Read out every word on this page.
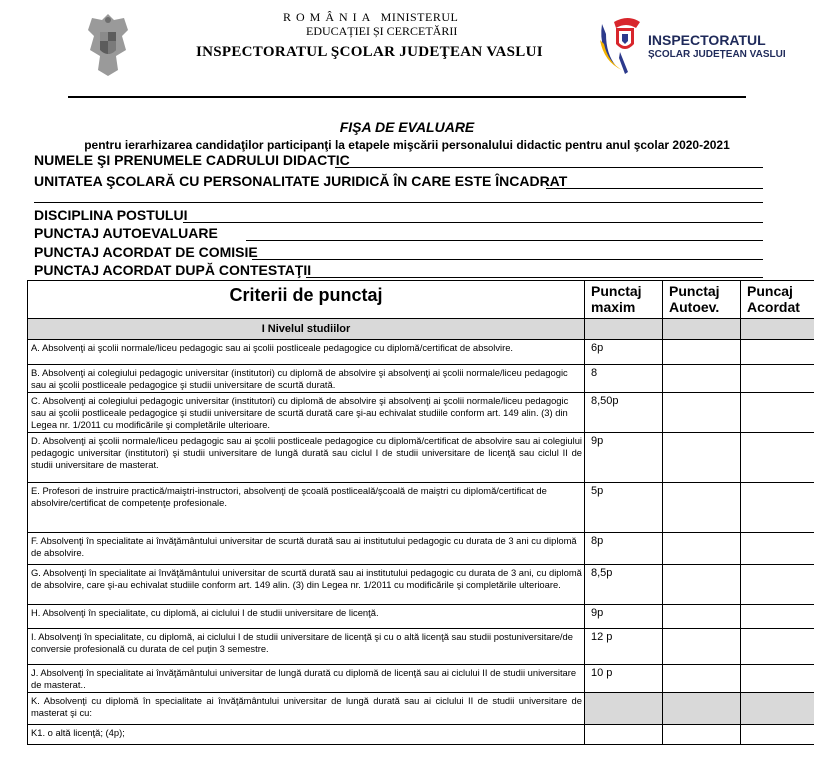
ROMÂNIA MINISTERUL
EDUCAȚIEI ȘI CERCETĂRII
INSPECTORATUL ŞCOLAR JUDEŢEAN VASLUI
INSPECTORATUL
ȘCOLAR JUDEȚEAN VASLUI
FIŞA DE EVALUARE
pentru ierarhizarea candidaţilor participanţi la etapele mişcării personalului didactic pentru anul şcolar 2020-2021
NUMELE ŞI PRENUMELE CADRULUI DIDACTIC
UNITATEA ŞCOLARĂ CU PERSONALITATE JURIDICĂ ÎN CARE ESTE ÎNCADRAT
DISCIPLINA POSTULUI
PUNCTAJ AUTOEVALUARE
PUNCTAJ ACORDAT DE COMISIE
PUNCTAJ ACORDAT DUPĂ CONTESTAŢII
Criterii de punctaj	Punctaj maxim	Punctaj Autoev.	Puncaj Acordat
I Nivelul studiilor			
A. Absolvenţi ai şcolii normale/liceu pedagogic sau ai şcolii postliceale pedagogice cu diplomă/certificat de absolvire.	6p		
B. Absolvenţi ai colegiului pedagogic universitar (institutori) cu diplomă de absolvire şi absolvenţi ai şcolii normale/liceu pedagogic sau ai şcolii postliceale pedagogice şi studii universitare de scurtă durată.	8		
C. Absolvenţi ai colegiului pedagogic universitar (institutori) cu diplomă de absolvire şi absolvenţi ai şcolii normale/liceu pedagogic sau ai şcolii postliceale pedagogice şi studii universitare de scurtă durată care şi-au echivalat studiile conform art. 149 alin. (3) din Legea nr. 1/2011 cu modificările şi completările ulterioare.	8,50p		
D. Absolvenţi ai şcolii normale/liceu pedagogic sau ai şcolii postliceale pedagogice cu diplomă/certificat de absolvire sau ai colegiului pedagogic universitar (institutori) şi studii universitare de lungă durată sau ciclul I de studii universitare de licenţă sau ciclul II de studii universitare de masterat.	9p		
E. Profesori de instruire practică/maiştri-instructori, absolvenţi de şcoală postliceală/şcoală de maiştri cu diplomă/certificat de absolvire/certificat de competenţe profesionale.	5p		
F. Absolvenţi în specialitate ai învăţământului universitar de scurtă durată sau ai institutului pedagogic cu durata de 3 ani cu diplomă de absolvire.	8p		
G. Absolvenţi în specialitate ai învăţământului universitar de scurtă durată sau ai institutului pedagogic cu durata de 3 ani, cu diplomă de absolvire, care şi-au echivalat studiile conform art. 149 alin. (3) din Legea nr. 1/2011 cu modificările şi completările ulterioare.	8,5p		
H. Absolvenţi în specialitate, cu diplomă, ai ciclului I de studii universitare de licenţă.	9p		
I. Absolvenţi în specialitate, cu diplomă, ai ciclului I de studii universitare de licenţă şi cu o altă licenţă sau studii postuniversitare/de conversie profesională cu durata de cel puţin 3 semestre.	12 p		
J. Absolvenţi în specialitate ai învăţământului universitar de lungă durată cu diplomă de licenţă sau ai ciclului II de studii universitare de masterat..	10 p		
K. Absolvenţi cu diplomă în specialitate ai învăţământului universitar de lungă durată sau ai ciclului II de studii universitare de masterat şi cu:			
K1. o altă licenţă; (4p);			
